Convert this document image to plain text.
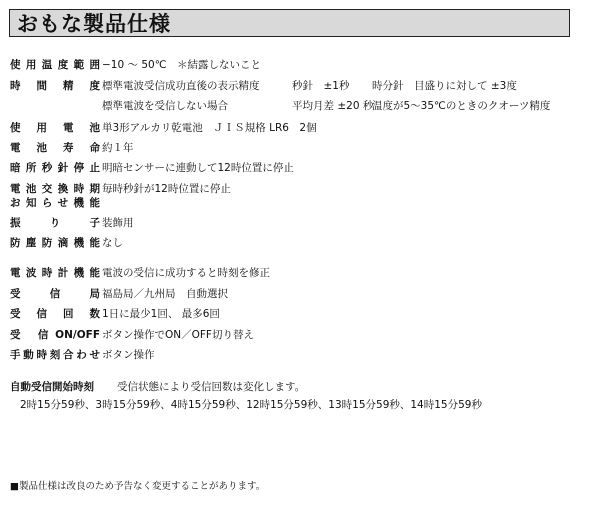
おもな製品仕様
使用温度範囲 −10 ～ 50℃　＊結露しないこと
時　間　精　度 標準電波受信成功直後の表示精度	秒針　±1秒 時分針　目盛りに対して ±3度
標準電波を受信しない場合	平均月差 ±20 秒
温度が5～35℃のときのクオーツ精度
使　用　電　池 単3形アルカリ乾電池　ＪＩＳ規格 LR6　2個
電　池　寿　命 約１年
暗所秒針停止 明暗センサーに連動して12時位置に停止
電池交換時期 毎時秒針が12時位置に停止
お知らせ機能
振　　り　　子 装飾用
防塵防滴機能 なし
電波時計機能 電波の受信に成功すると時刻を修正
受　　信　　局 福島局／九州局　自動選択
受　信　回　数 1日に最少1回、 最多6回
受 信ON/OFF ボタン操作でON／OFF切り替え
手動時刻合わせ ボタン操作
自動受信開始時刻 受信状態により受信回数は変化します。
2時15分59秒、3時15分59秒、4時15分59秒、12時15分59秒、13時15分59秒、14時15分59秒
■製品仕様は改良のため予告なく変更することがあります。
